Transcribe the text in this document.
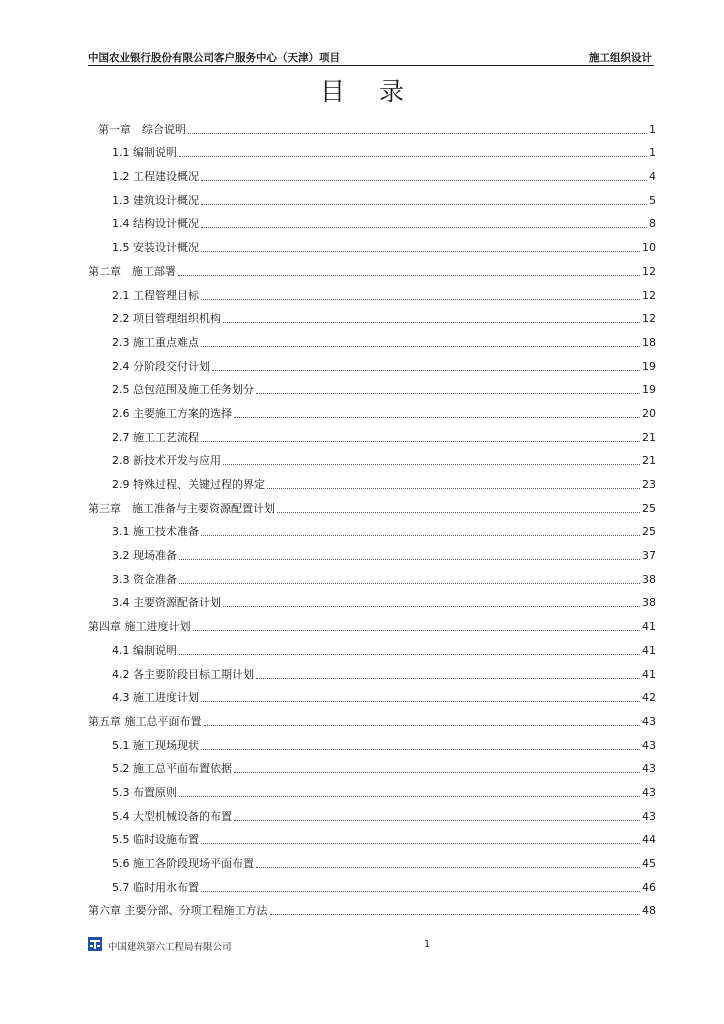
中国农业银行股份有限公司客户服务中心（天津）项目	施工组织设计
目录
第一章　综合说明	1
1.1 编制说明	1
1.2 工程建设概况	4
1.3 建筑设计概况	5
1.4 结构设计概况	8
1.5 安装设计概况	10
第二章　施工部署	12
2.1 工程管理目标	12
2.2 项目管理组织机构	12
2.3 施工重点难点	18
2.4 分阶段交付计划	19
2.5 总包范围及施工任务划分	19
2.6 主要施工方案的选择	20
2.7 施工工艺流程	21
2.8 新技术开发与应用	21
2.9 特殊过程、关键过程的界定	23
第三章　施工准备与主要资源配置计划	25
3.1 施工技术准备	25
3.2 现场准备	37
3.3 资金准备	38
3.4 主要资源配备计划	38
第四章 施工进度计划	41
4.1 编制说明	41
4.2 各主要阶段目标工期计划	41
4.3 施工进度计划	42
第五章 施工总平面布置	43
5.1 施工现场现状	43
5.2 施工总平面布置依据	43
5.3 布置原则	43
5.4 大型机械设备的布置	43
5.5 临时设施布置	44
5.6 施工各阶段现场平面布置	45
5.7 临时用水布置	46
第六章 主要分部、分项工程施工方法	48
中国建筑第六工程局有限公司	1
